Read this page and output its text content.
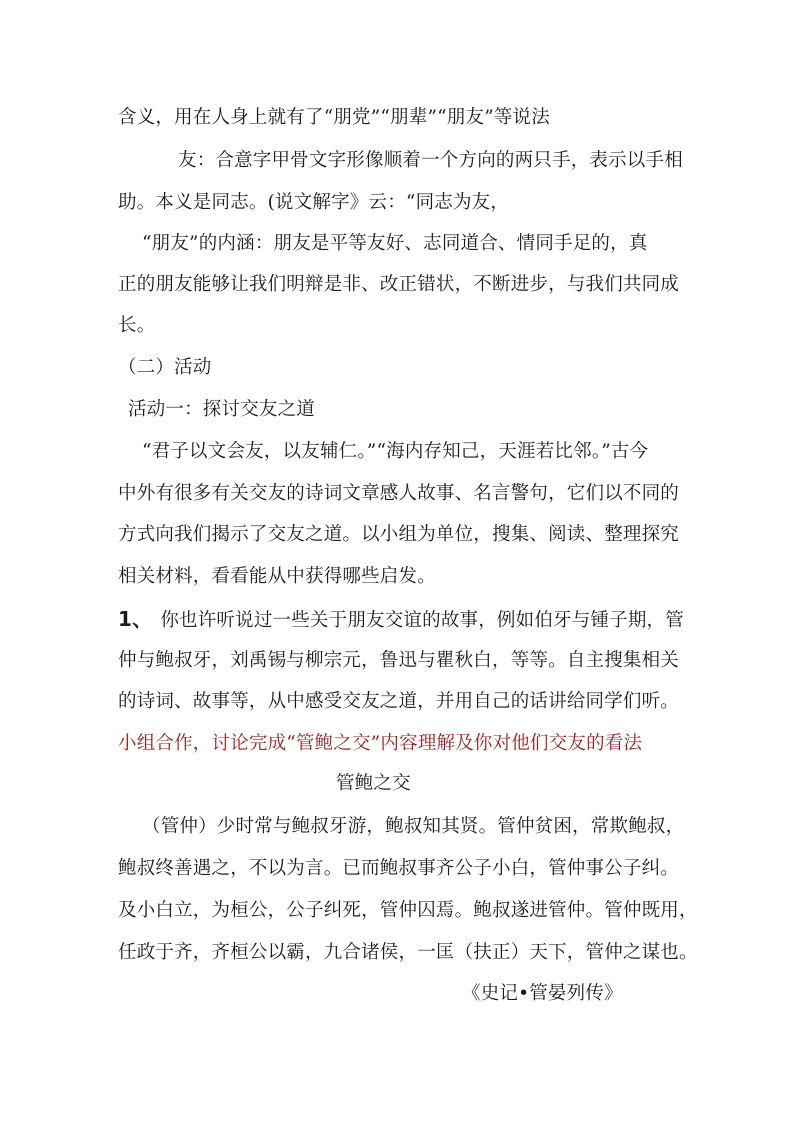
含义，用在人身上就有了“朋党”“朋辈”“朋友”等说法
友：合意字甲骨文字形像顺着一个方向的两只手，表示以手相
助。本义是同志。(说文解字》云：“同志为友，
“朋友”的内涵：朋友是平等友好、志同道合、情同手足的，真
正的朋友能够让我们明辩是非、改正错状，不断进步，与我们共同成
长。
（二）活动
活动一：探讨交友之道
“君子以文会友，以友辅仁。”“海内存知己，天涯若比邻。”古今
中外有很多有关交友的诗词文章感人故事、名言警句，它们以不同的
方式向我们揭示了交友之道。以小组为单位，搜集、阅读、整理探究
相关材料，看看能从中获得哪些启发。
1、 你也许听说过一些关于朋友交谊的故事，例如伯牙与锺子期，管
仲与鲍叔牙，刘禹锡与柳宗元，鲁迅与瞿秋白，等等。自主搜集相关
的诗词、故事等，从中感受交友之道，并用自己的话讲给同学们听。
小组合作，讨论完成“管鲍之交”内容理解及你对他们交友的看法
管鲍之交
（管仲）少时常与鲍叔牙游，鲍叔知其贤。管仲贫困，常欺鲍叔，
鲍叔终善遇之，不以为言。已而鲍叔事齐公子小白，管仲事公子纠。
及小白立，为桓公，公子纠死，管仲囚焉。鲍叔遂进管仲。管仲既用，
任政于齐，齐桓公以霸，九合诸侯，一匡（扶正）天下，管仲之谋也。
《史记•管晏列传》
